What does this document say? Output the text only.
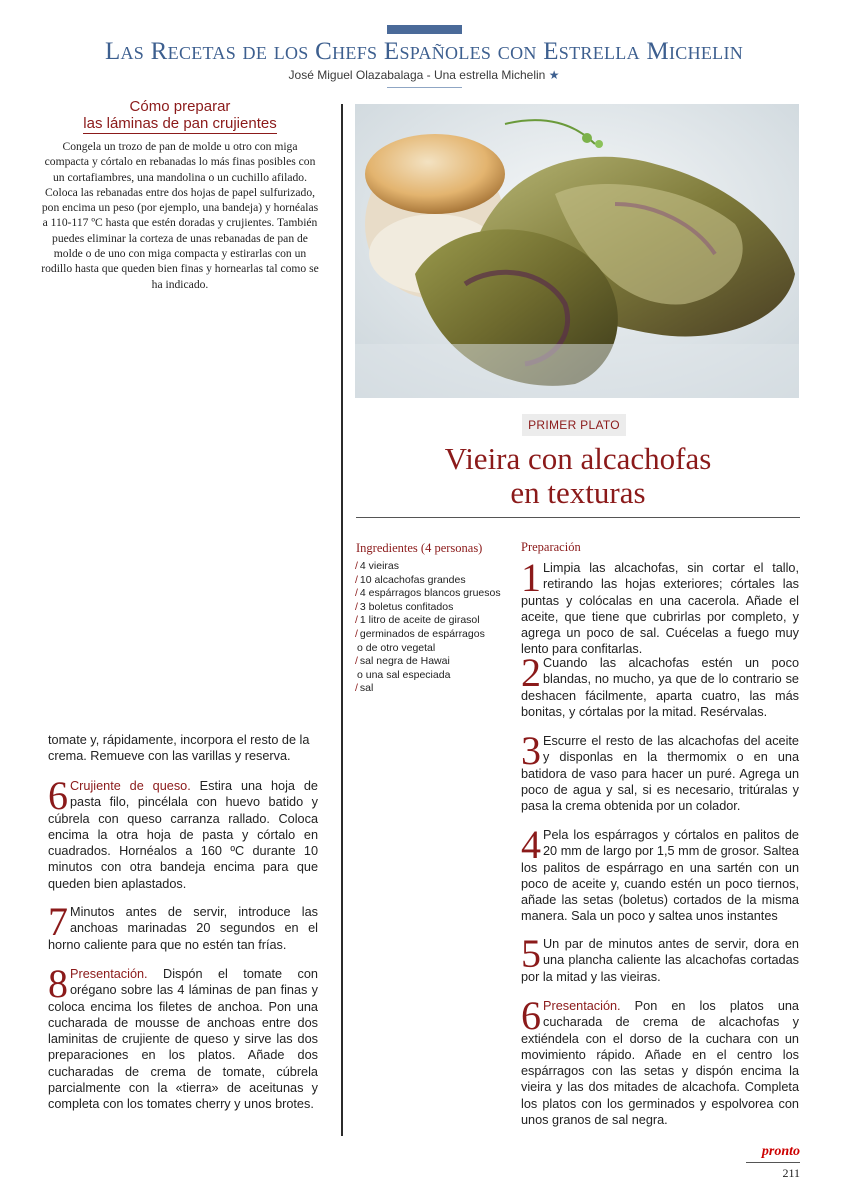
Las Recetas de los Chefs Españoles con Estrella Michelin
José Miguel Olazabalaga - Una estrella Michelin ★
Cómo preparar
las láminas de pan crujientes
Congela un trozo de pan de molde u otro con miga compacta y córtalo en rebanadas lo más finas posibles con un cortafiambres, una mandolina o un cuchillo afilado. Coloca las rebanadas entre dos hojas de papel sulfurizado, pon encima un peso (por ejemplo, una bandeja) y hornéalas a 110-117 ºC hasta que estén doradas y crujientes. También puedes eliminar la corteza de unas rebanadas de pan de molde o de uno con miga compacta y estirarlas con un rodillo hasta que queden bien finas y hornearlas tal como se ha indicado.
PRIMER PLATO
Vieira con alcachofas
en texturas
Ingredientes (4 personas)
/ 4 vieiras
/ 10 alcachofas grandes
/ 4 espárragos blancos gruesos
/ 3 boletus confitados
/ 1 litro de aceite de girasol
/ germinados de espárragos
o de otro vegetal
/ sal negra de Hawai
o una sal especiada
/ sal
Preparación
1 Limpia las alcachofas, sin cortar el tallo, retirando las hojas exteriores; córtales las puntas y colócalas en una cacerola. Añade el aceite, que tiene que cubrirlas por completo, y agrega un poco de sal. Cuécelas a fuego muy lento para confitarlas.
2 Cuando las alcachofas estén un poco blandas, no mucho, ya que de lo contrario se deshacen fácilmente, aparta cuatro, las más bonitas, y córtalas por la mitad. Resérvalas.
3 Escurre el resto de las alcachofas del aceite y disponlas en la thermomix o en una batidora de vaso para hacer un puré. Agrega un poco de agua y sal, si es necesario, tritúralas y pasa la crema obtenida por un colador.
4 Pela los espárragos y córtalos en palitos de 20 mm de largo por 1,5 mm de grosor. Saltea los palitos de espárrago en una sartén con un poco de aceite y, cuando estén un poco tiernos, añade las setas (boletus) cortados de la misma manera. Sala un poco y saltea unos instantes
5 Un par de minutos antes de servir, dora en una plancha caliente las alcachofas cortadas por la mitad y las vieiras.
6 Presentación. Pon en los platos una cucharada de crema de alcachofas y extiéndela con el dorso de la cuchara con un movimiento rápido. Añade en el centro los espárragos con las setas y dispón encima la vieira y las dos mitades de alcachofa. Completa los platos con los germinados y espolvorea con unos granos de sal negra.
tomate y, rápidamente, incorpora el resto de la crema. Remueve con las varillas y reserva.
6 Crujiente de queso. Estira una hoja de pasta filo, pincélala con huevo batido y cúbrela con queso carranza rallado. Coloca encima la otra hoja de pasta y córtalo en cuadrados. Hornéalos a 160 ºC durante 10 minutos con otra bandeja encima para que queden bien aplastados.
7 Minutos antes de servir, introduce las anchoas marinadas 20 segundos en el horno caliente para que no estén tan frías.
8 Presentación. Dispón el tomate con orégano sobre las 4 láminas de pan finas y coloca encima los filetes de anchoa. Pon una cucharada de mousse de anchoas entre dos laminitas de crujiente de queso y sirve las dos preparaciones en los platos. Añade dos cucharadas de crema de tomate, cúbrela parcialmente con la «tierra» de aceitunas y completa con los tomates cherry y unos brotes.
pronto
211
